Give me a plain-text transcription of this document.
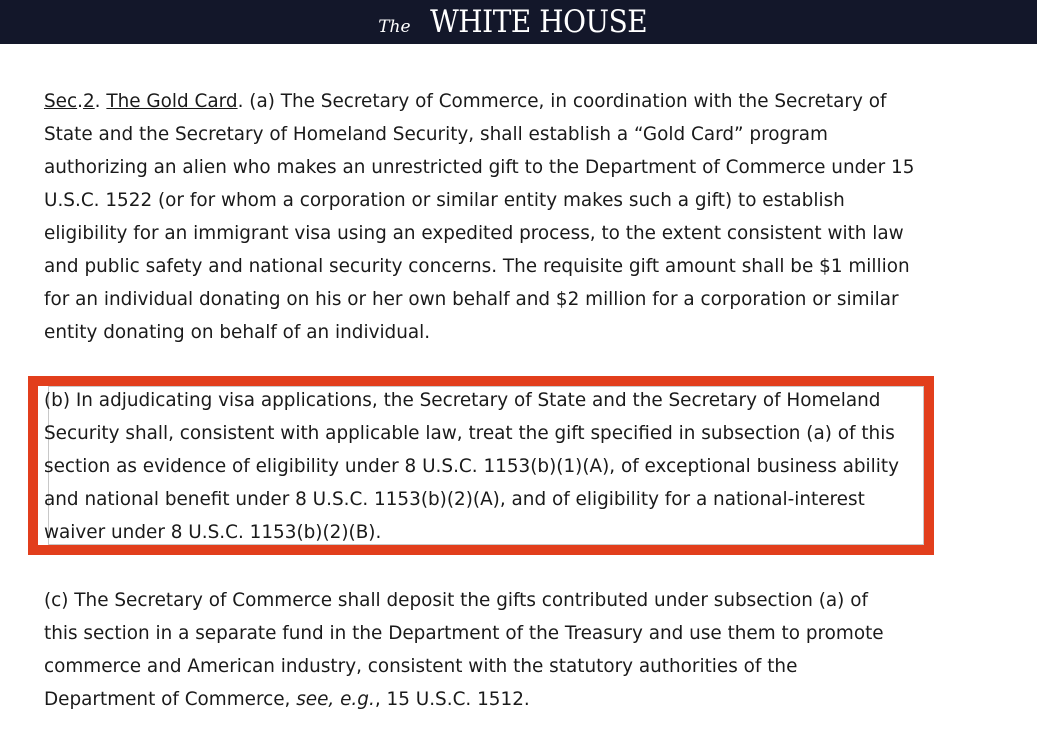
The WHITE HOUSE

Sec.2. The Gold Card. (a) The Secretary of Commerce, in coordination with the Secretary of
State and the Secretary of Homeland Security, shall establish a “Gold Card” program
authorizing an alien who makes an unrestricted gift to the Department of Commerce under 15
U.S.C. 1522 (or for whom a corporation or similar entity makes such a gift) to establish
eligibility for an immigrant visa using an expedited process, to the extent consistent with law
and public safety and national security concerns. The requisite gift amount shall be $1 million
for an individual donating on his or her own behalf and $2 million for a corporation or similar
entity donating on behalf of an individual.

(b) In adjudicating visa applications, the Secretary of State and the Secretary of Homeland
Security shall, consistent with applicable law, treat the gift specified in subsection (a) of this
section as evidence of eligibility under 8 U.S.C. 1153(b)(1)(A), of exceptional business ability
and national benefit under 8 U.S.C. 1153(b)(2)(A), and of eligibility for a national-interest
waiver under 8 U.S.C. 1153(b)(2)(B).

(c) The Secretary of Commerce shall deposit the gifts contributed under subsection (a) of
this section in a separate fund in the Department of the Treasury and use them to promote
commerce and American industry, consistent with the statutory authorities of the
Department of Commerce, see, e.g., 15 U.S.C. 1512.
